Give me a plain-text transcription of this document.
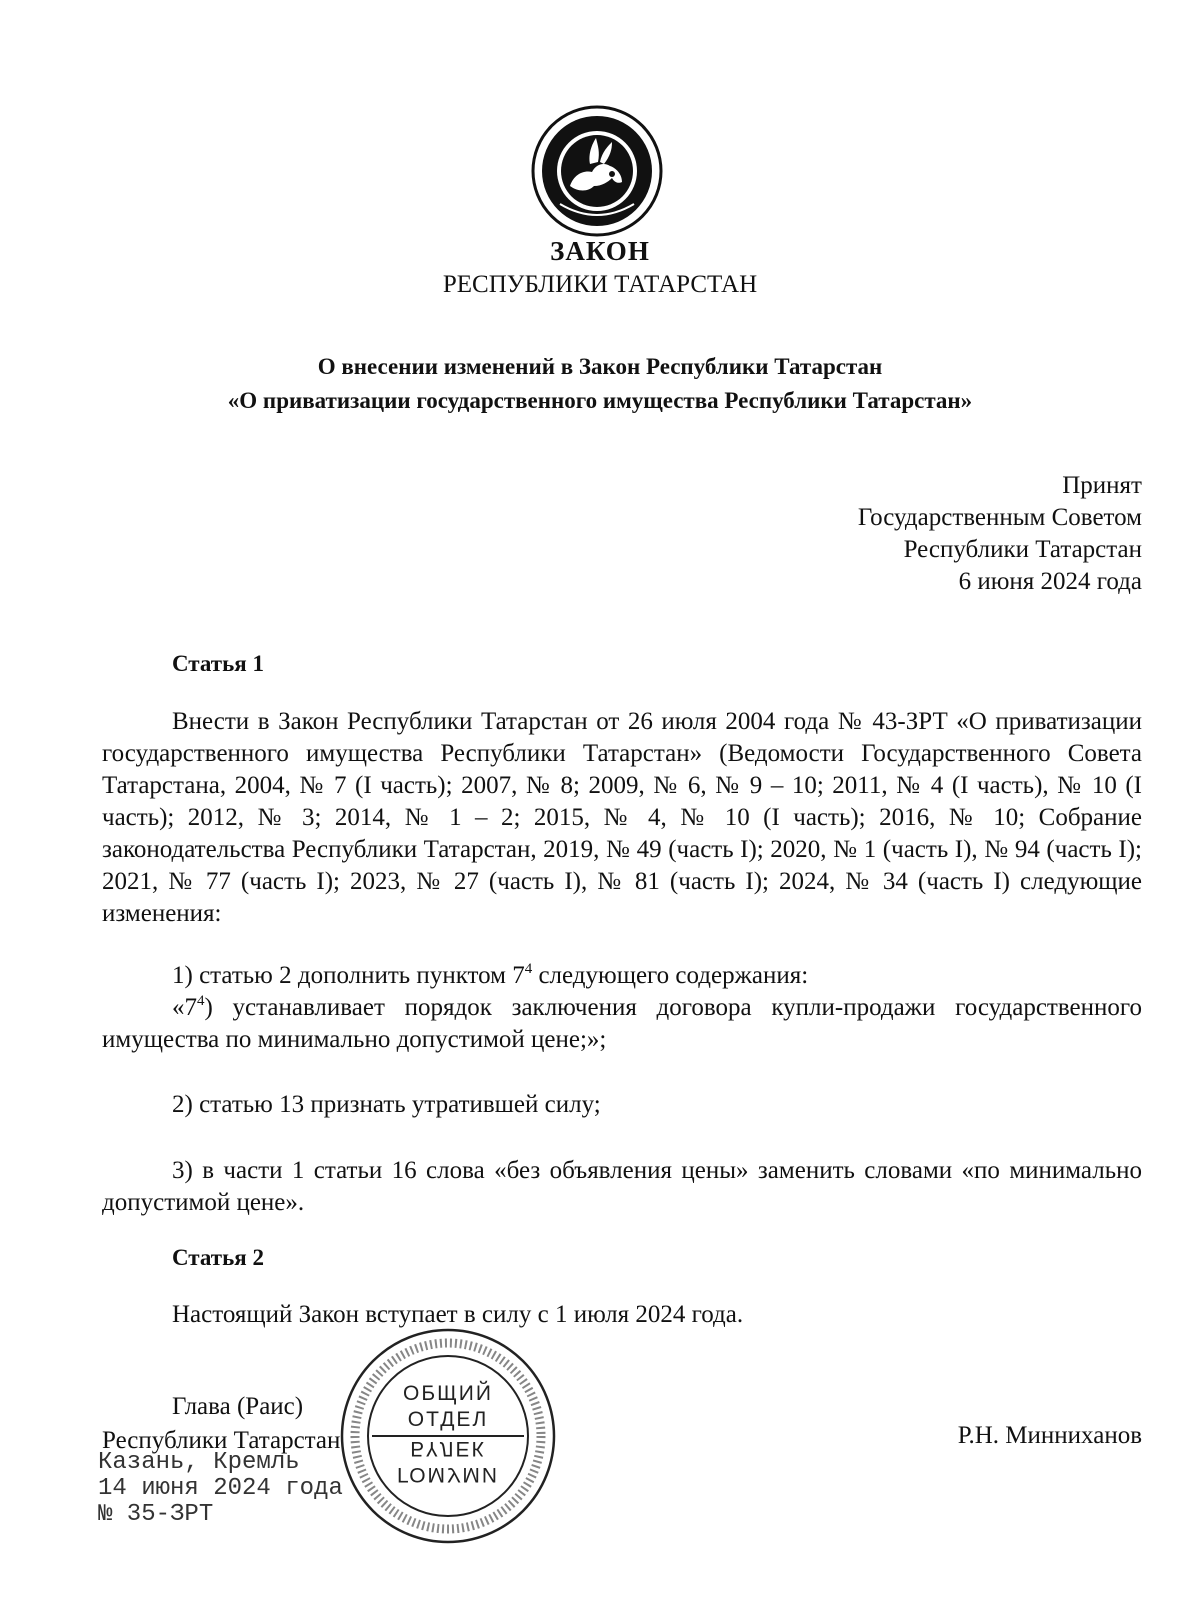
ЗАКОН
РЕСПУБЛИКИ ТАТАРСТАН
О внесении изменений в Закон Республики Татарстан
«О приватизации государственного имущества Республики Татарстан»
Принят
Государственным Советом
Республики Татарстан
6 июня 2024 года
Статья 1
Внести в Закон Республики Татарстан от 26 июля 2004 года № 43-ЗРТ «О приватизации государственного имущества Республики Татарстан» (Ведомости Государственного Совета Татарстана, 2004, № 7 (I часть); 2007, № 8; 2009, № 6, № 9 – 10; 2011, № 4 (I часть), № 10 (I часть); 2012, № 3; 2014, № 1 – 2; 2015, № 4, № 10 (I часть); 2016, № 10; Собрание законодательства Республики Татарстан, 2019, № 49 (часть I); 2020, № 1 (часть I), № 94 (часть I); 2021, № 77 (часть I); 2023, № 27 (часть I), № 81 (часть I); 2024, № 34 (часть I) следующие изменения:
1) статью 2 дополнить пунктом $7^4$ следующего содержания:
«$7^4$) устанавливает порядок заключения договора купли-продажи государственного имущества по минимально допустимой цене;»;
2) статью 13 признать утратившей силу;
3) в части 1 статьи 16 слова «без объявления цены» заменить словами «по минимально допустимой цене».
Статья 2
Настоящий Закон вступает в силу с 1 июля 2024 года.
Глава (Раис)
Республики Татарстан	Р.Н. Минниханов
Казань, Кремль
14 июня 2024 года
№ 35-ЗРТ
ОБЩИЙ
ОТДЕЛ
БҮЛЕК
ГОМУМИ
